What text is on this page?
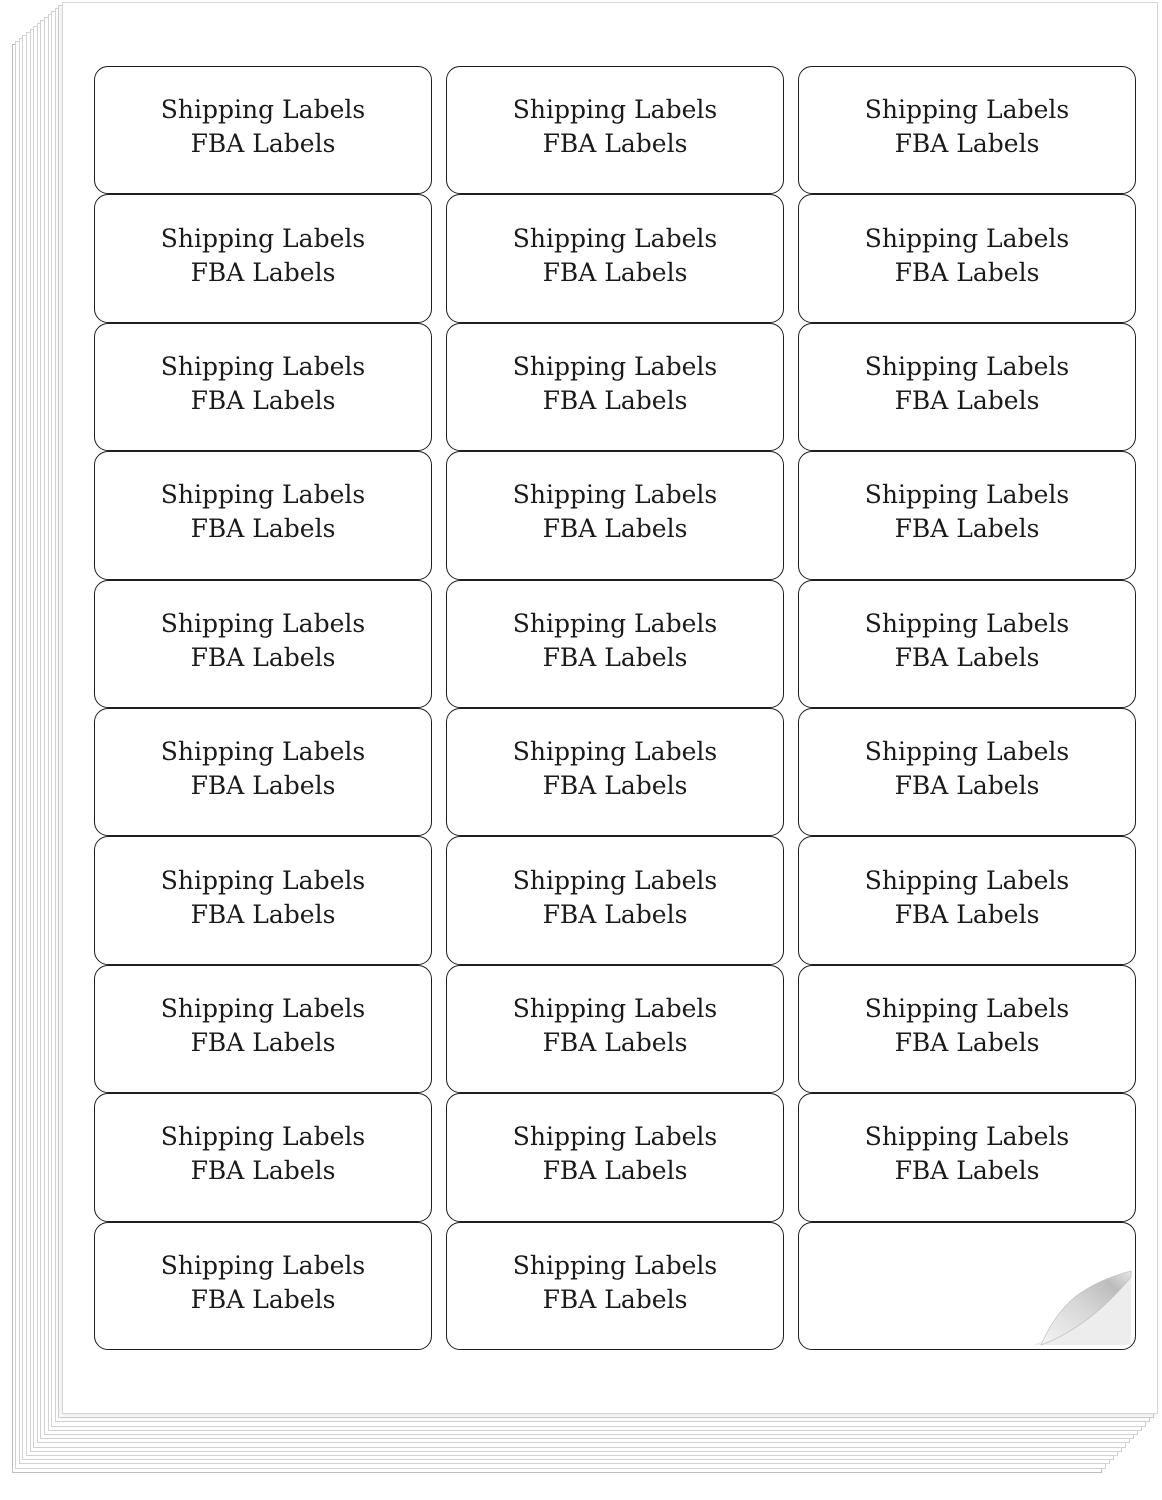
Shipping Labels
FBA Labels
Shipping Labels
FBA Labels
Shipping Labels
FBA Labels
Shipping Labels
FBA Labels
Shipping Labels
FBA Labels
Shipping Labels
FBA Labels
Shipping Labels
FBA Labels
Shipping Labels
FBA Labels
Shipping Labels
FBA Labels
Shipping Labels
FBA Labels
Shipping Labels
FBA Labels
Shipping Labels
FBA Labels
Shipping Labels
FBA Labels
Shipping Labels
FBA Labels
Shipping Labels
FBA Labels
Shipping Labels
FBA Labels
Shipping Labels
FBA Labels
Shipping Labels
FBA Labels
Shipping Labels
FBA Labels
Shipping Labels
FBA Labels
Shipping Labels
FBA Labels
Shipping Labels
FBA Labels
Shipping Labels
FBA Labels
Shipping Labels
FBA Labels
Shipping Labels
FBA Labels
Shipping Labels
FBA Labels
Shipping Labels
FBA Labels
Shipping Labels
FBA Labels
Shipping Labels
FBA Labels
